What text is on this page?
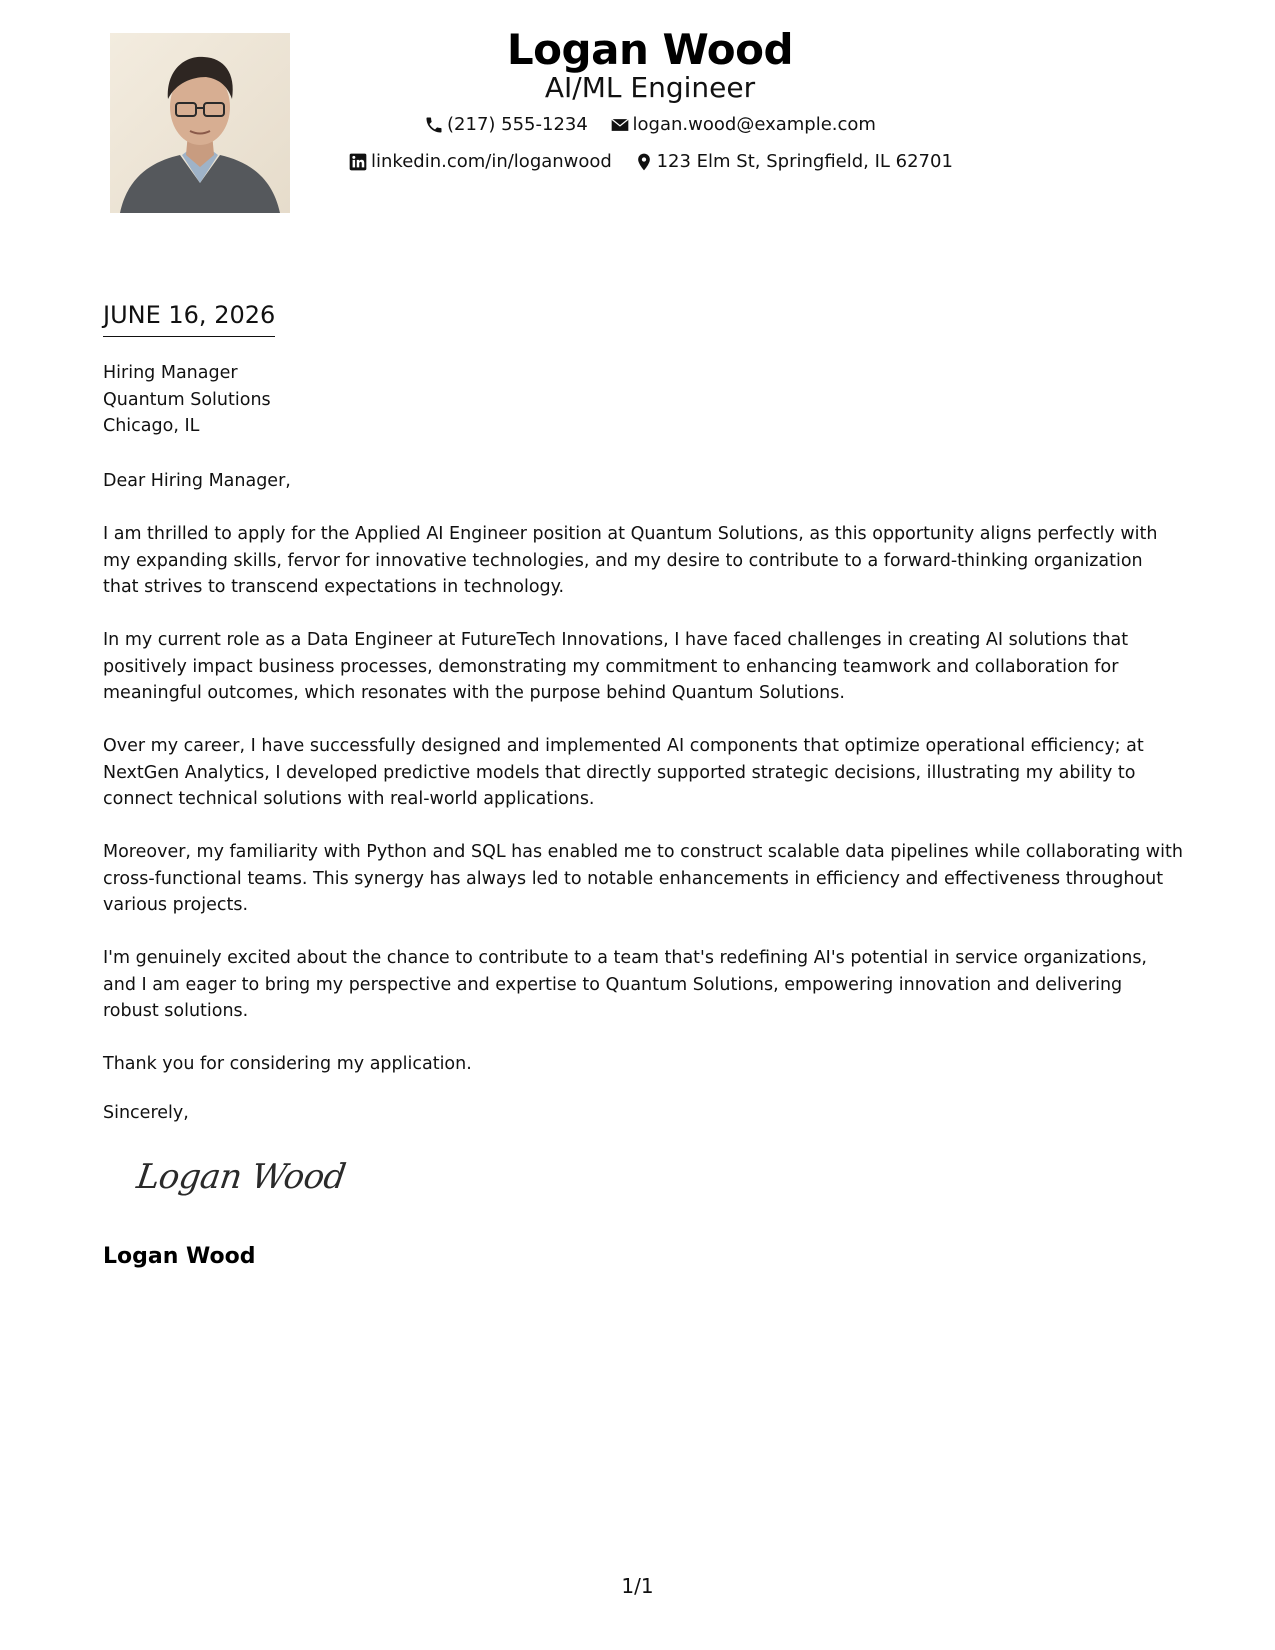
Logan Wood
AI/ML Engineer
(217) 555-1234
logan.wood@example.com
linkedin.com/in/loganwood
123 Elm St, Springfield, IL 62701
JUNE 16, 2026
Hiring Manager
Quantum Solutions
Chicago, IL

Dear Hiring Manager,

I am thrilled to apply for the Applied AI Engineer position at Quantum Solutions, as this opportunity aligns perfectly with my expanding skills, fervor for innovative technologies, and my desire to contribute to a forward-thinking organization that strives to transcend expectations in technology.

In my current role as a Data Engineer at FutureTech Innovations, I have faced challenges in creating AI solutions that positively impact business processes, demonstrating my commitment to enhancing teamwork and collaboration for meaningful outcomes, which resonates with the purpose behind Quantum Solutions.

Over my career, I have successfully designed and implemented AI components that optimize operational efficiency; at NextGen Analytics, I developed predictive models that directly supported strategic decisions, illustrating my ability to connect technical solutions with real-world applications.

Moreover, my familiarity with Python and SQL has enabled me to construct scalable data pipelines while collaborating with cross-functional teams. This synergy has always led to notable enhancements in efficiency and effectiveness throughout various projects.

I'm genuinely excited about the chance to contribute to a team that's redefining AI's potential in service organizations, and I am eager to bring my perspective and expertise to Quantum Solutions, empowering innovation and delivering robust solutions.

Thank you for considering my application.

Sincerely,
Logan Wood
Logan Wood
1/1
